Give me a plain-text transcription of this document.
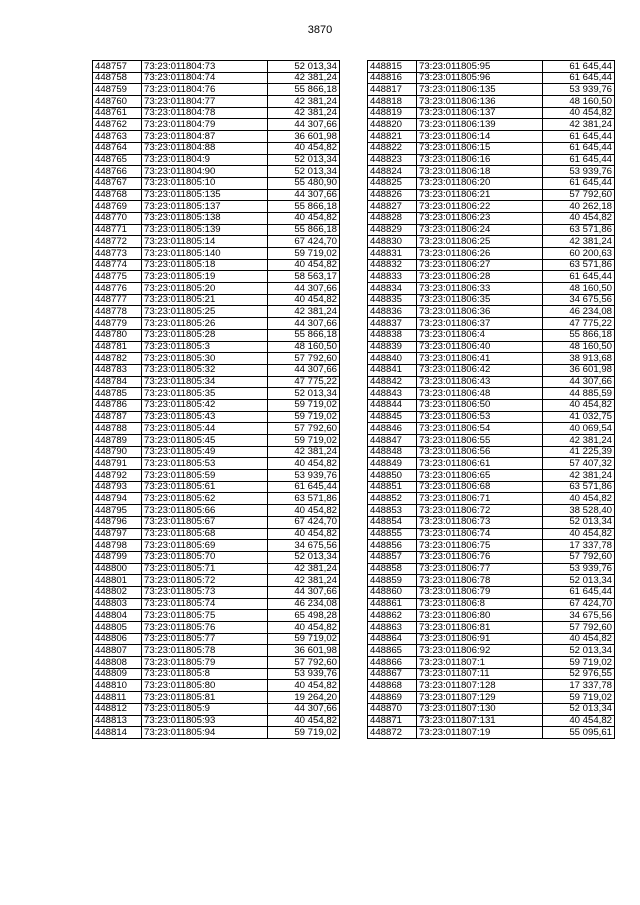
3870
448757	73:23:011804:73	52 013,34
448758	73:23:011804:74	42 381,24
448759	73:23:011804:76	55 866,18
448760	73:23:011804:77	42 381,24
448761	73:23:011804:78	42 381,24
448762	73:23:011804:79	44 307,66
448763	73:23:011804:87	36 601,98
448764	73:23:011804:88	40 454,82
448765	73:23:011804:9	52 013,34
448766	73:23:011804:90	52 013,34
448767	73:23:011805:10	55 480,90
448768	73:23:011805:135	44 307,66
448769	73:23:011805:137	55 866,18
448770	73:23:011805:138	40 454,82
448771	73:23:011805:139	55 866,18
448772	73:23:011805:14	67 424,70
448773	73:23:011805:140	59 719,02
448774	73:23:011805:18	40 454,82
448775	73:23:011805:19	58 563,17
448776	73:23:011805:20	44 307,66
448777	73:23:011805:21	40 454,82
448778	73:23:011805:25	42 381,24
448779	73:23:011805:26	44 307,66
448780	73:23:011805:28	55 866,18
448781	73:23:011805:3	48 160,50
448782	73:23:011805:30	57 792,60
448783	73:23:011805:32	44 307,66
448784	73:23:011805:34	47 775,22
448785	73:23:011805:35	52 013,34
448786	73:23:011805:42	59 719,02
448787	73:23:011805:43	59 719,02
448788	73:23:011805:44	57 792,60
448789	73:23:011805:45	59 719,02
448790	73:23:011805:49	42 381,24
448791	73:23:011805:53	40 454,82
448792	73:23:011805:59	53 939,76
448793	73:23:011805:61	61 645,44
448794	73:23:011805:62	63 571,86
448795	73:23:011805:66	40 454,82
448796	73:23:011805:67	67 424,70
448797	73:23:011805:68	40 454,82
448798	73:23:011805:69	34 675,56
448799	73:23:011805:70	52 013,34
448800	73:23:011805:71	42 381,24
448801	73:23:011805:72	42 381,24
448802	73:23:011805:73	44 307,66
448803	73:23:011805:74	46 234,08
448804	73:23:011805:75	65 498,28
448805	73:23:011805:76	40 454,82
448806	73:23:011805:77	59 719,02
448807	73:23:011805:78	36 601,98
448808	73:23:011805:79	57 792,60
448809	73:23:011805:8	53 939,76
448810	73:23:011805:80	40 454,82
448811	73:23:011805:81	19 264,20
448812	73:23:011805:9	44 307,66
448813	73:23:011805:93	40 454,82
448814	73:23:011805:94	59 719,02
448815	73:23:011805:95	61 645,44
448816	73:23:011805:96	61 645,44
448817	73:23:011806:135	53 939,76
448818	73:23:011806:136	48 160,50
448819	73:23:011806:137	40 454,82
448820	73:23:011806:139	42 381,24
448821	73:23:011806:14	61 645,44
448822	73:23:011806:15	61 645,44
448823	73:23:011806:16	61 645,44
448824	73:23:011806:18	53 939,76
448825	73:23:011806:20	61 645,44
448826	73:23:011806:21	57 792,60
448827	73:23:011806:22	40 262,18
448828	73:23:011806:23	40 454,82
448829	73:23:011806:24	63 571,86
448830	73:23:011806:25	42 381,24
448831	73:23:011806:26	60 200,63
448832	73:23:011806:27	63 571,86
448833	73:23:011806:28	61 645,44
448834	73:23:011806:33	48 160,50
448835	73:23:011806:35	34 675,56
448836	73:23:011806:36	46 234,08
448837	73:23:011806:37	47 775,22
448838	73:23:011806:4	55 866,18
448839	73:23:011806:40	48 160,50
448840	73:23:011806:41	38 913,68
448841	73:23:011806:42	36 601,98
448842	73:23:011806:43	44 307,66
448843	73:23:011806:48	44 885,59
448844	73:23:011806:50	40 454,82
448845	73:23:011806:53	41 032,75
448846	73:23:011806:54	40 069,54
448847	73:23:011806:55	42 381,24
448848	73:23:011806:56	41 225,39
448849	73:23:011806:61	57 407,32
448850	73:23:011806:65	42 381,24
448851	73:23:011806:68	63 571,86
448852	73:23:011806:71	40 454,82
448853	73:23:011806:72	38 528,40
448854	73:23:011806:73	52 013,34
448855	73:23:011806:74	40 454,82
448856	73:23:011806:75	17 337,78
448857	73:23:011806:76	57 792,60
448858	73:23:011806:77	53 939,76
448859	73:23:011806:78	52 013,34
448860	73:23:011806:79	61 645,44
448861	73:23:011806:8	67 424,70
448862	73:23:011806:80	34 675,56
448863	73:23:011806:81	57 792,60
448864	73:23:011806:91	40 454,82
448865	73:23:011806:92	52 013,34
448866	73:23:011807:1	59 719,02
448867	73:23:011807:11	52 976,55
448868	73:23:011807:128	17 337,78
448869	73:23:011807:129	59 719,02
448870	73:23:011807:130	52 013,34
448871	73:23:011807:131	40 454,82
448872	73:23:011807:19	55 095,61
